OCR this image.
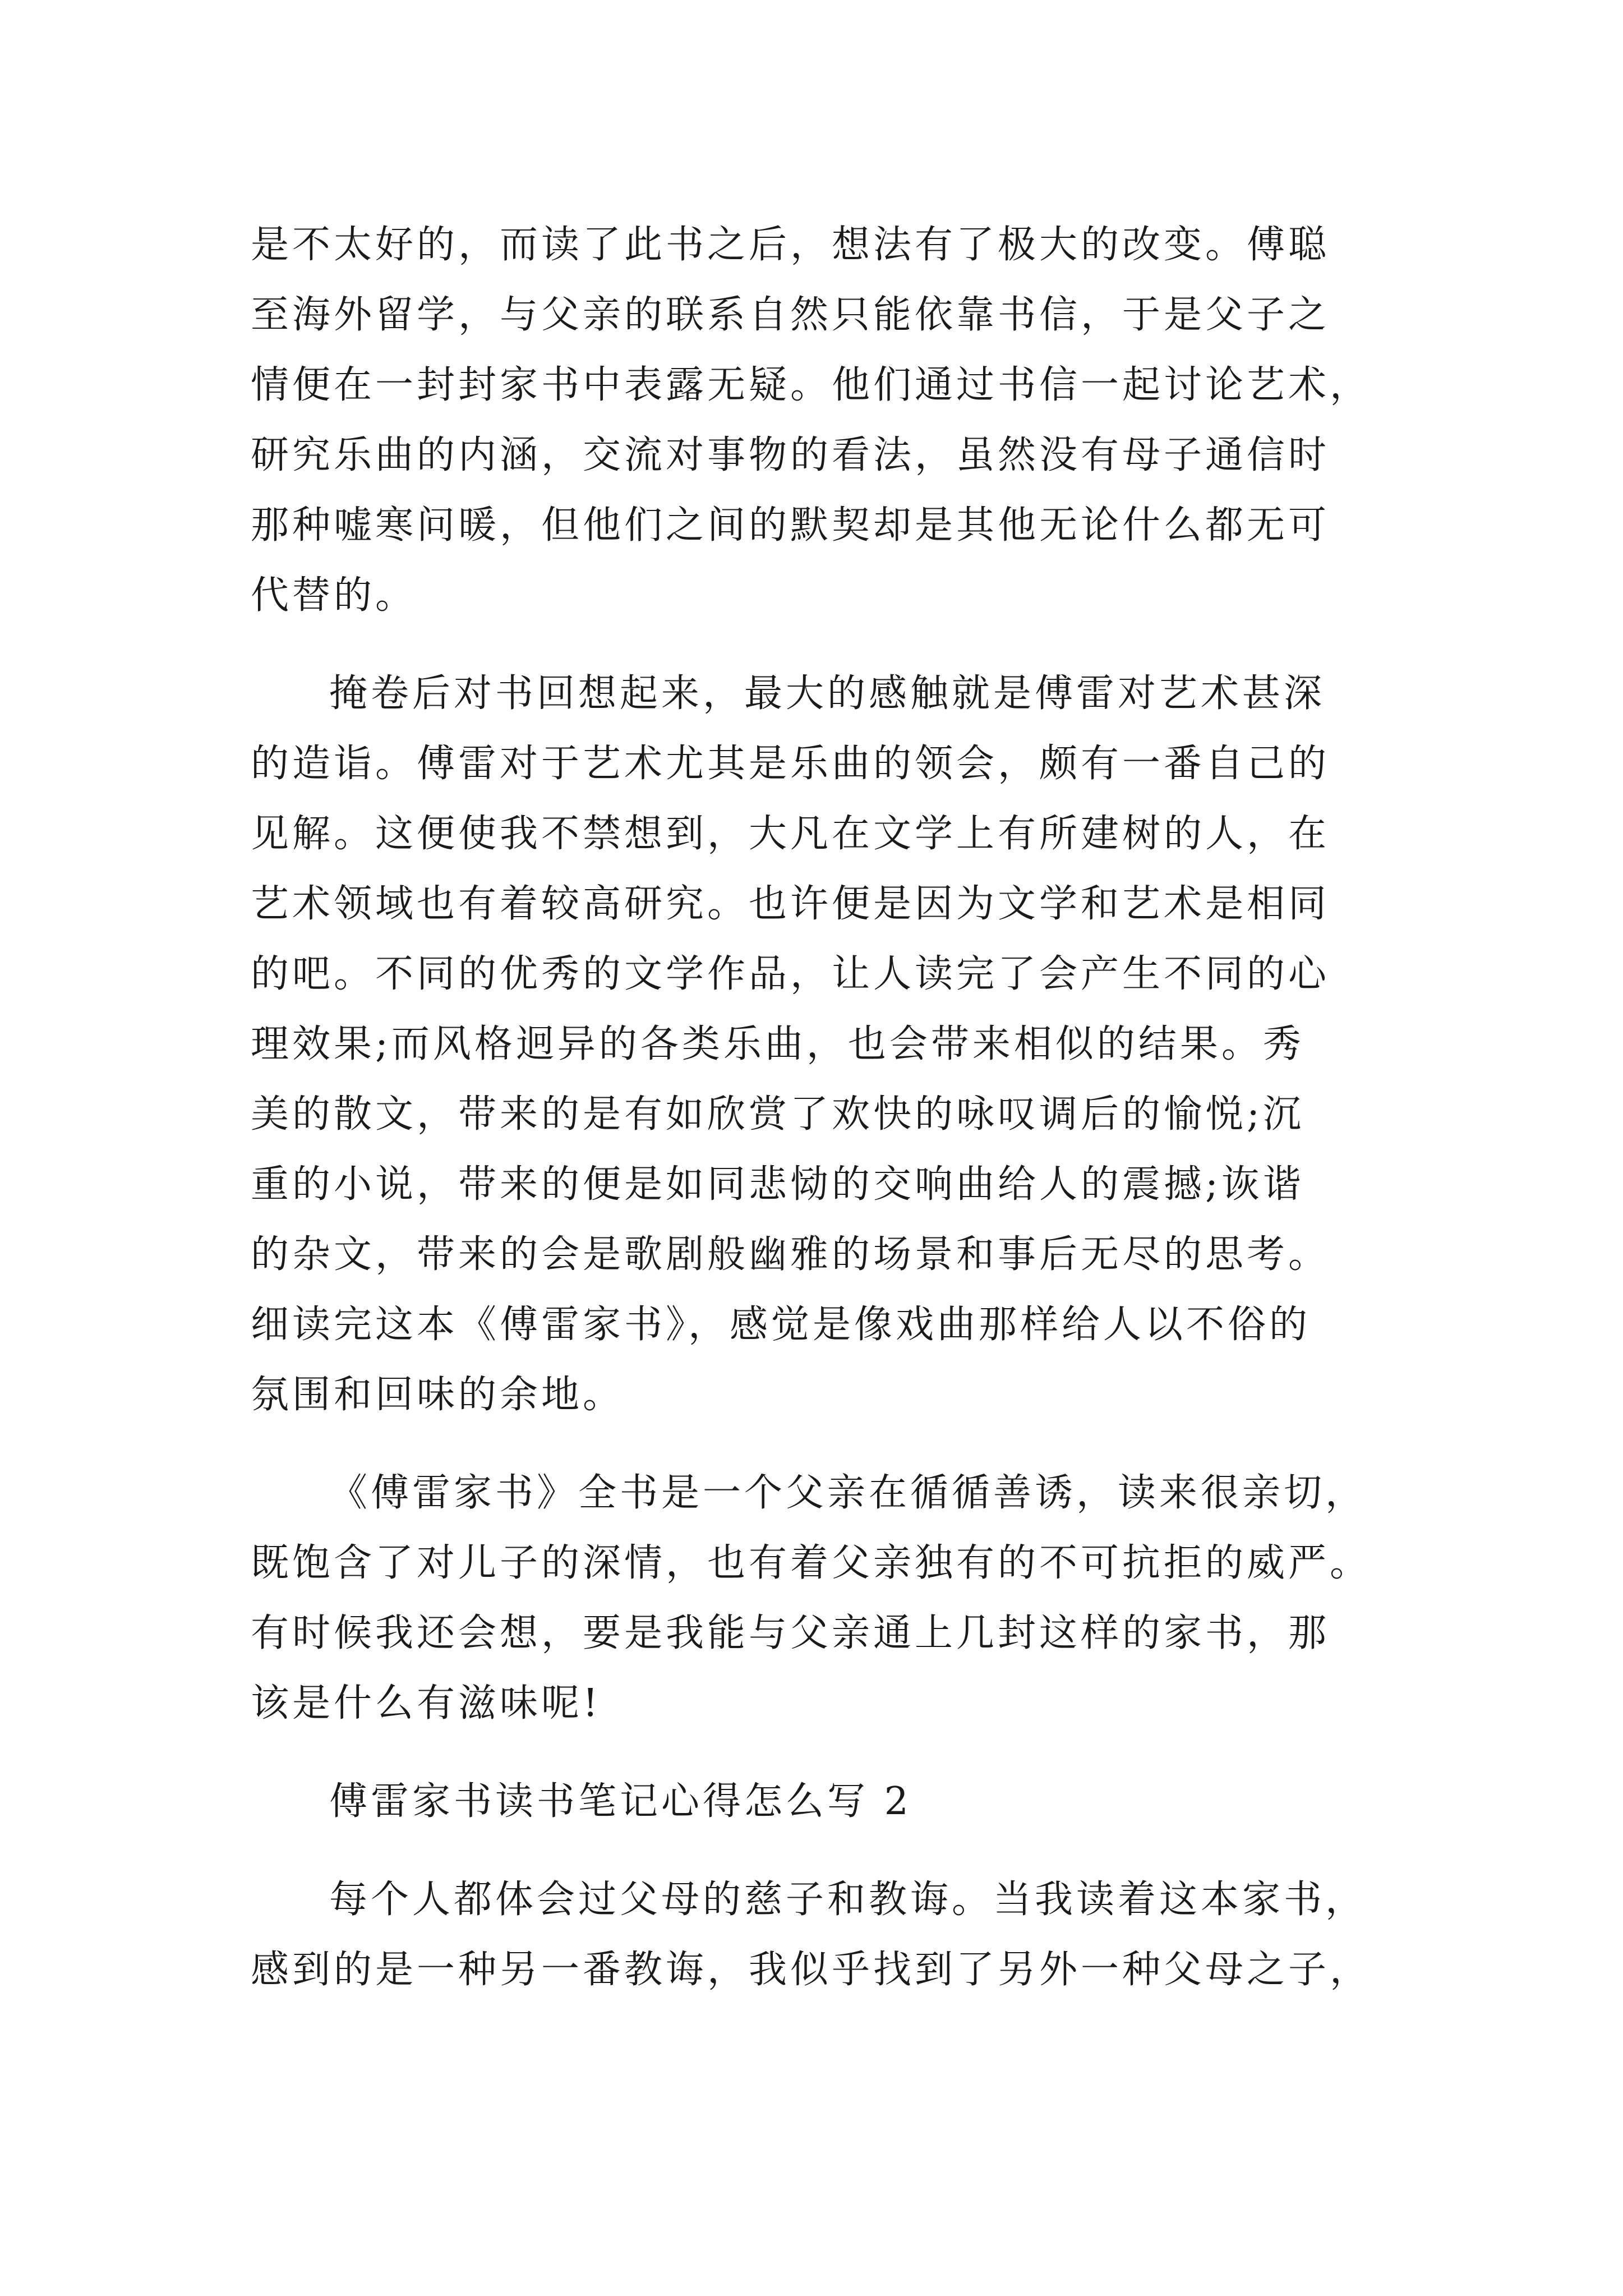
是不太好的，而读了此书之后，想法有了极大的改变。傅聪
至海外留学，与父亲的联系自然只能依靠书信，于是父子之
情便在一封封家书中表露无疑。他们通过书信一起讨论艺术，
研究乐曲的内涵，交流对事物的看法，虽然没有母子通信时
那种嘘寒问暖，但他们之间的默契却是其他无论什么都无可
代替的。
掩卷后对书回想起来，最大的感触就是傅雷对艺术甚深
的造诣。傅雷对于艺术尤其是乐曲的领会，颇有一番自己的
见解。这便使我不禁想到，大凡在文学上有所建树的人，在
艺术领域也有着较高研究。也许便是因为文学和艺术是相同
的吧。不同的优秀的文学作品，让人读完了会产生不同的心
理效果;而风格迥异的各类乐曲，也会带来相似的结果。秀
美的散文，带来的是有如欣赏了欢快的咏叹调后的愉悦;沉
重的小说，带来的便是如同悲恸的交响曲给人的震撼;诙谐
的杂文，带来的会是歌剧般幽雅的场景和事后无尽的思考。
细读完这本《傅雷家书》，感觉是像戏曲那样给人以不俗的
氛围和回味的余地。
《傅雷家书》全书是一个父亲在循循善诱，读来很亲切，
既饱含了对儿子的深情，也有着父亲独有的不可抗拒的威严。
有时候我还会想，要是我能与父亲通上几封这样的家书，那
该是什么有滋味呢!
傅雷家书读书笔记心得怎么写 2
每个人都体会过父母的慈子和教诲。当我读着这本家书，
感到的是一种另一番教诲，我似乎找到了另外一种父母之子，
